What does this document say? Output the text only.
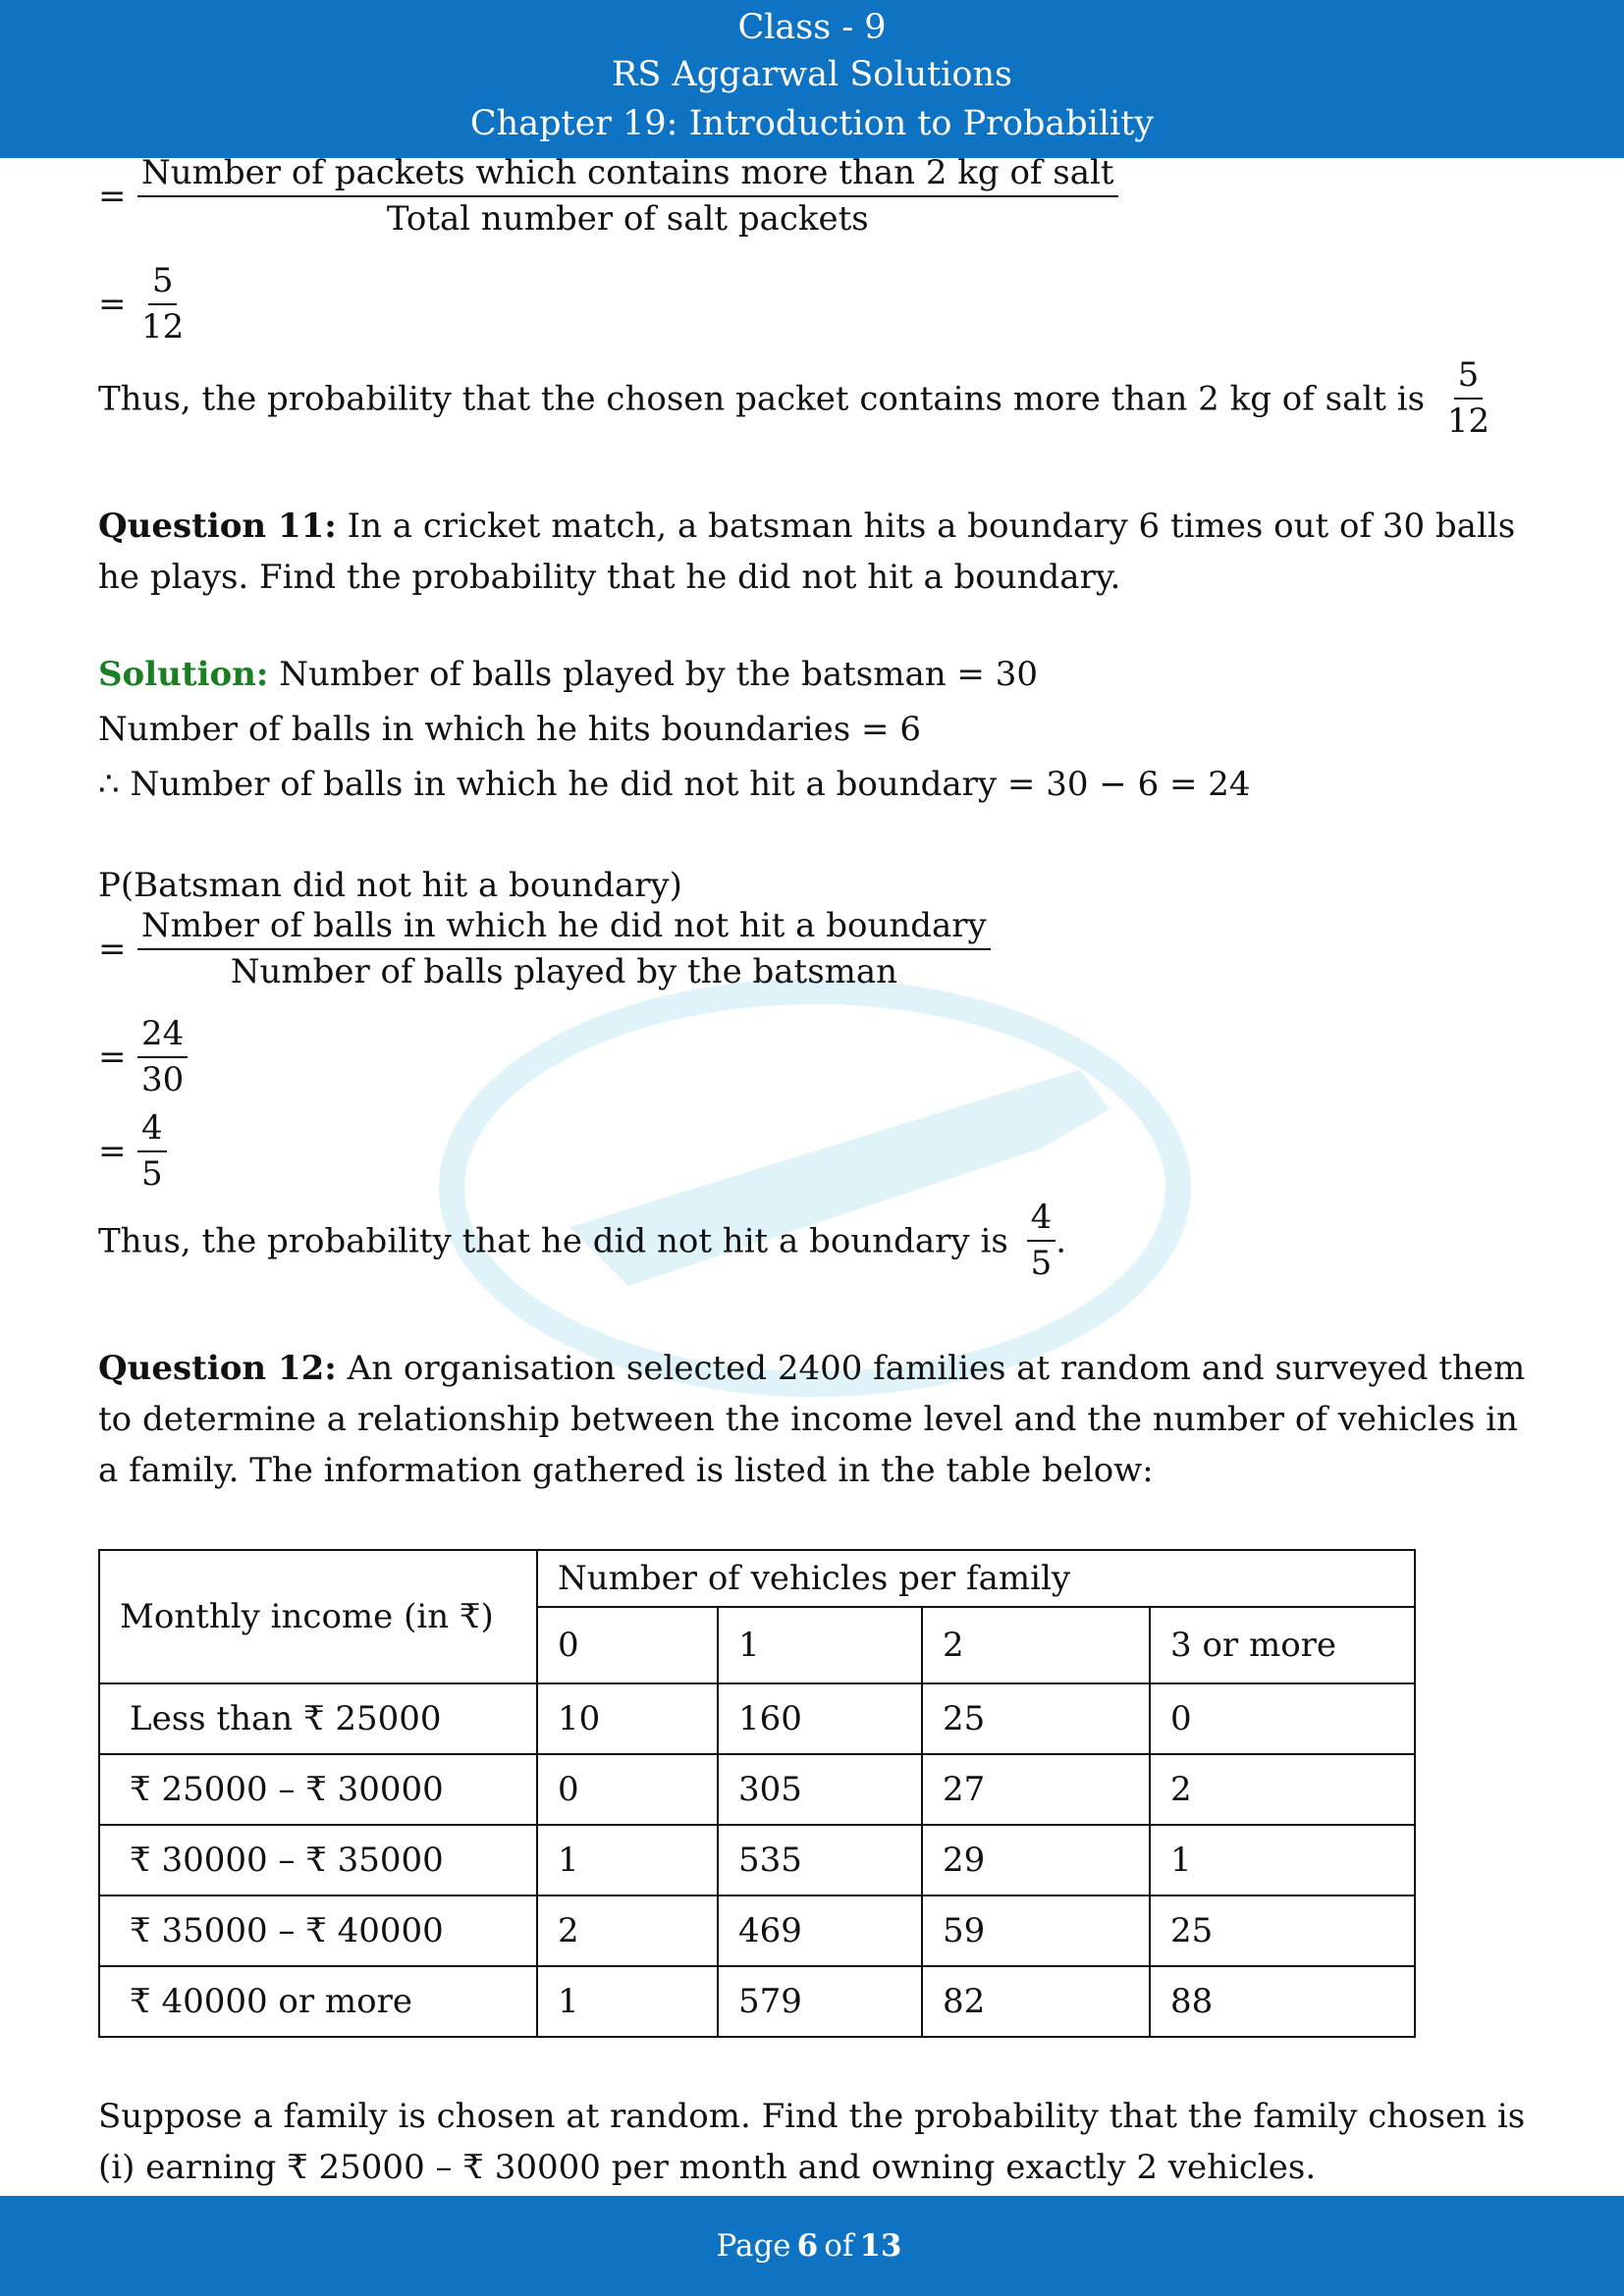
Class - 9
RS Aggarwal Solutions
Chapter 19: Introduction to Probability
= $\frac{\text{Number of packets which contains more than 2 kg of salt}}{\text{Total number of salt packets}}$
= $\frac{5}{12}$
Thus, the probability that the chosen packet contains more than 2 kg of salt is $\frac{5}{12}$
Question 11: In a cricket match, a batsman hits a boundary 6 times out of 30 balls he plays. Find the probability that he did not hit a boundary.
Solution: Number of balls played by the batsman = 30
Number of balls in which he hits boundaries = 6
∴ Number of balls in which he did not hit a boundary = 30 − 6 = 24
P(Batsman did not hit a boundary)
= $\frac{\text{Nmber of balls in which he did not hit a boundary}}{\text{Number of balls played by the batsman}}$
= $\frac{24}{30}$
= $\frac{4}{5}$
Thus, the probability that he did not hit a boundary is $\frac{4}{5}$ .
Question 12: An organisation selected 2400 families at random and surveyed them to determine a relationship between the income level and the number of vehicles in a family. The information gathered is listed in the table below:
Suppose a family is chosen at random. Find the probability that the family chosen is
(i) earning ₹ 25000 – ₹ 30000 per month and owning exactly 2 vehicles.
Monthly income (in ₹)	Number of vehicles per family			
	0	1	2	3 or more
Less than ₹ 25000	10	160	25	0
₹ 25000 – ₹ 30000	0	305	27	2
₹ 30000 – ₹ 35000	1	535	29	1
₹ 35000 – ₹ 40000	2	469	59	25
₹ 40000 or more	1	579	82	88
Page 6 of 13
